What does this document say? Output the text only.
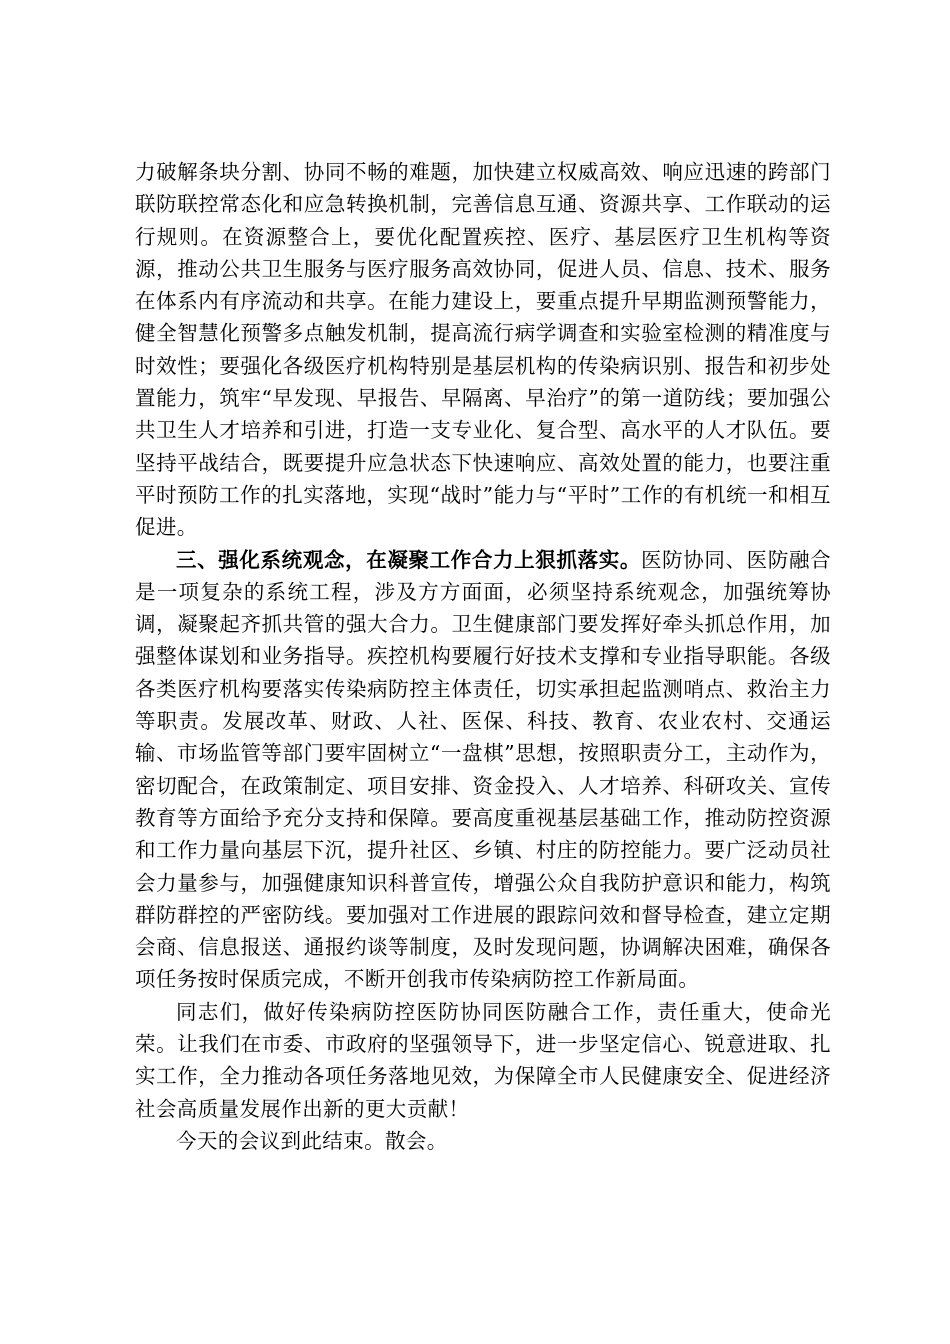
力破解条块分割、协同不畅的难题，加快建立权威高效、响应迅速的跨部门联防联控常态化和应急转换机制，完善信息互通、资源共享、工作联动的运行规则。在资源整合上，要优化配置疾控、医疗、基层医疗卫生机构等资源，推动公共卫生服务与医疗服务高效协同，促进人员、信息、技术、服务在体系内有序流动和共享。在能力建设上，要重点提升早期监测预警能力，健全智慧化预警多点触发机制，提高流行病学调查和实验室检测的精准度与时效性；要强化各级医疗机构特别是基层机构的传染病识别、报告和初步处置能力，筑牢“早发现、早报告、早隔离、早治疗”的第一道防线；要加强公共卫生人才培养和引进，打造一支专业化、复合型、高水平的人才队伍。要坚持平战结合，既要提升应急状态下快速响应、高效处置的能力，也要注重平时预防工作的扎实落地，实现“战时”能力与“平时”工作的有机统一和相互促进。

三、强化系统观念，在凝聚工作合力上狠抓落实。医防协同、医防融合是一项复杂的系统工程，涉及方方面面，必须坚持系统观念，加强统筹协调，凝聚起齐抓共管的强大合力。卫生健康部门要发挥好牵头抓总作用，加强整体谋划和业务指导。疾控机构要履行好技术支撑和专业指导职能。各级各类医疗机构要落实传染病防控主体责任，切实承担起监测哨点、救治主力等职责。发展改革、财政、人社、医保、科技、教育、农业农村、交通运输、市场监管等部门要牢固树立“一盘棋”思想，按照职责分工，主动作为，密切配合，在政策制定、项目安排、资金投入、人才培养、科研攻关、宣传教育等方面给予充分支持和保障。要高度重视基层基础工作，推动防控资源和工作力量向基层下沉，提升社区、乡镇、村庄的防控能力。要广泛动员社会力量参与，加强健康知识科普宣传，增强公众自我防护意识和能力，构筑群防群控的严密防线。要加强对工作进展的跟踪问效和督导检查，建立定期会商、信息报送、通报约谈等制度，及时发现问题，协调解决困难，确保各项任务按时保质完成，不断开创我市传染病防控工作新局面。

同志们，做好传染病防控医防协同医防融合工作，责任重大，使命光荣。让我们在市委、市政府的坚强领导下，进一步坚定信心、锐意进取、扎实工作，全力推动各项任务落地见效，为保障全市人民健康安全、促进经济社会高质量发展作出新的更大贡献！

今天的会议到此结束。散会。
